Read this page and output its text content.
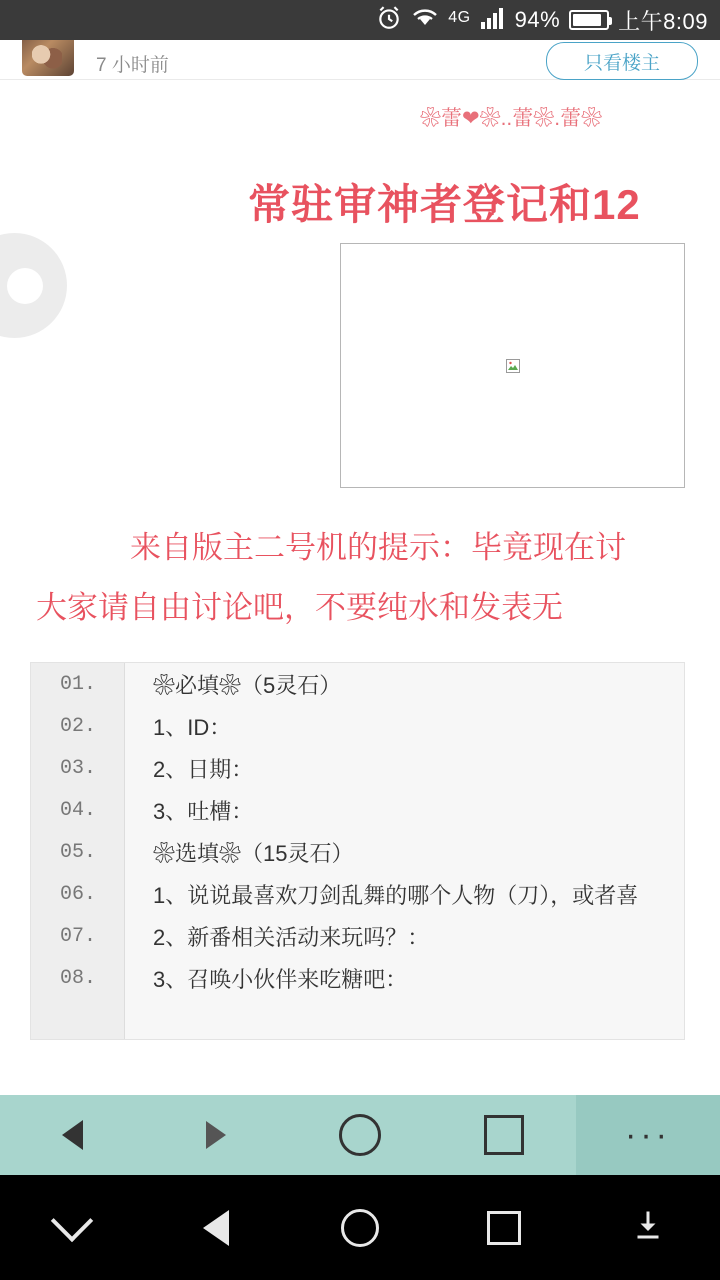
4G 94%	上午8:09
7 小时前	只看楼主
❀蕾❤❀..蕾❀.蕾❀
常驻审神者登记和12
来自版主二号机的提示：毕竟现在讨
大家请自由讨论吧，不要纯水和发表无
01.	❀必填❀（5灵石）
02.	1、ID：
03.	2、日期：
04.	3、吐槽：
05.	❀选填❀（15灵石）
06.	1、说说最喜欢刀剑乱舞的哪个人物（刀），或者喜
07.	2、新番相关活动来玩吗？：
08.	3、召唤小伙伴来吃糖吧：
···
